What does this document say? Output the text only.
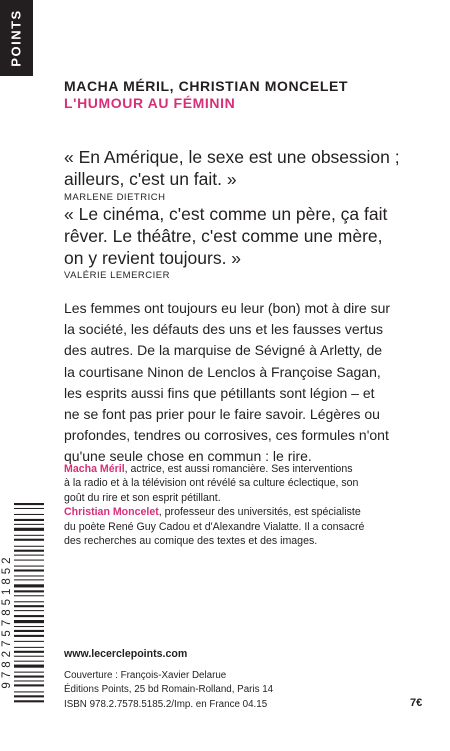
POINTS
MACHA MÉRIL, CHRISTIAN MONCELET
L'HUMOUR AU FÉMININ
« En Amérique, le sexe est une obsession ;
ailleurs, c'est un fait. »
MARLENE DIETRICH
« Le cinéma, c'est comme un père, ça fait
rêver. Le théâtre, c'est comme une mère,
on y revient toujours. »
VALÉRIE LEMERCIER
Les femmes ont toujours eu leur (bon) mot à dire sur
la société, les défauts des uns et les fausses vertus
des autres. De la marquise de Sévigné à Arletty, de
la courtisane Ninon de Lenclos à Françoise Sagan,
les esprits aussi fins que pétillants sont légion – et
ne se font pas prier pour le faire savoir. Légères ou
profondes, tendres ou corrosives, ces formules n'ont
qu'une seule chose en commun : le rire.
Macha Méril, actrice, est aussi romancière. Ses interventions
à la radio et à la télévision ont révélé sa culture éclectique, son
goût du rire et son esprit pétillant.
Christian Moncelet, professeur des universités, est spécialiste
du poète René Guy Cadou et d'Alexandre Vialatte. Il a consacré
des recherches au comique des textes et des images.
9782757851852	www.lecerclepoints.com
Couverture : François-Xavier Delarue
Éditions Points, 25 bd Romain-Rolland, Paris 14
ISBN 978.2.7578.5185.2/Imp. en France 04.15	7€
